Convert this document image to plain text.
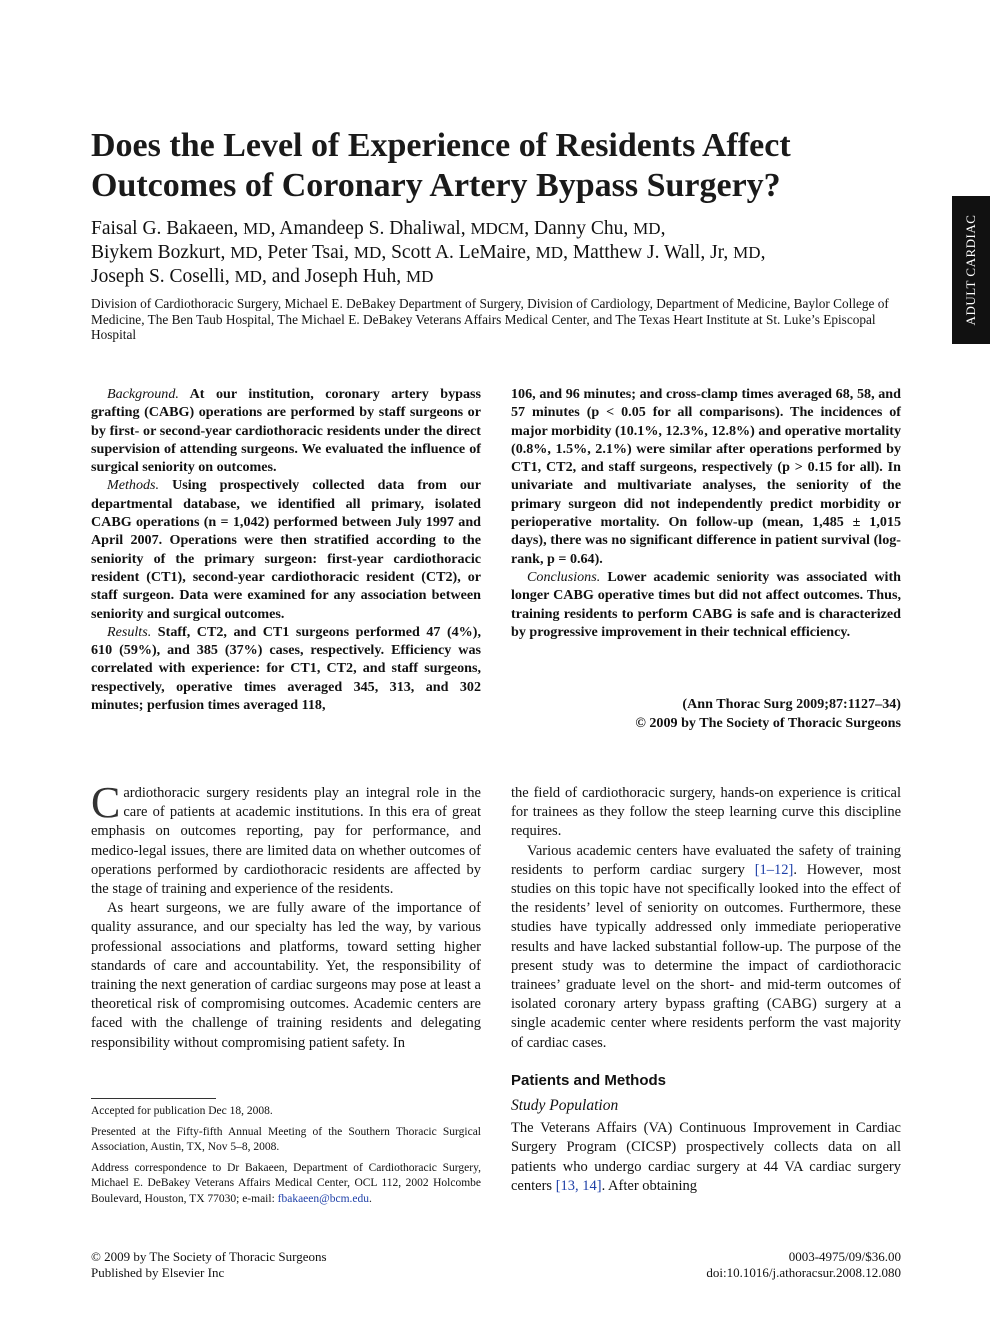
Does the Level of Experience of Residents Affect Outcomes of Coronary Artery Bypass Surgery?
Faisal G. Bakaeen, MD, Amandeep S. Dhaliwal, MDCM, Danny Chu, MD,
Biykem Bozkurt, MD, Peter Tsai, MD, Scott A. LeMaire, MD, Matthew J. Wall, Jr, MD,
Joseph S. Coselli, MD, and Joseph Huh, MD
Division of Cardiothoracic Surgery, Michael E. DeBakey Department of Surgery, Division of Cardiology, Department of Medicine, Baylor College of Medicine, The Ben Taub Hospital, The Michael E. DeBakey Veterans Affairs Medical Center, and The Texas Heart Institute at St. Luke’s Episcopal Hospital
ADULT CARDIAC

Background. At our institution, coronary artery bypass grafting (CABG) operations are performed by staff surgeons or by first- or second-year cardiothoracic residents under the direct supervision of attending surgeons. We evaluated the influence of surgical seniority on outcomes.

Methods. Using prospectively collected data from our departmental database, we identified all primary, isolated CABG operations (n = 1,042) performed between July 1997 and April 2007. Operations were then stratified according to the seniority of the primary surgeon: first-year cardiothoracic resident (CT1), second-year cardiothoracic resident (CT2), or staff surgeon. Data were examined for any association between seniority and surgical outcomes.

Results. Staff, CT2, and CT1 surgeons performed 47 (4%), 610 (59%), and 385 (37%) cases, respectively. Efficiency was correlated with experience: for CT1, CT2, and staff surgeons, respectively, operative times averaged 345, 313, and 302 minutes; perfusion times averaged 118,

106, and 96 minutes; and cross-clamp times averaged 68, 58, and 57 minutes (p < 0.05 for all comparisons). The incidences of major morbidity (10.1%, 12.3%, 12.8%) and operative mortality (0.8%, 1.5%, 2.1%) were similar after operations performed by CT1, CT2, and staff surgeons, respectively (p > 0.15 for all). In univariate and multivariate analyses, the seniority of the primary surgeon did not independently predict morbidity or perioperative mortality. On follow-up (mean, 1,485 ± 1,015 days), there was no significant difference in patient survival (log-rank, p = 0.64).

Conclusions. Lower academic seniority was associated with longer CABG operative times but did not affect outcomes. Thus, training residents to perform CABG is safe and is characterized by progressive improvement in their technical efficiency.

(Ann Thorac Surg 2009;87:1127–34)
© 2009 by The Society of Thoracic Surgeons

Cardiothoracic surgery residents play an integral role in the care of patients at academic institutions. In this era of great emphasis on outcomes reporting, pay for performance, and medico-legal issues, there are limited data on whether outcomes of operations performed by cardiothoracic residents are affected by the stage of training and experience of the residents.

As heart surgeons, we are fully aware of the importance of quality assurance, and our specialty has led the way, by various professional associations and platforms, toward setting higher standards of care and accountability. Yet, the responsibility of training the next generation of cardiac surgeons may pose at least a theoretical risk of compromising outcomes. Academic centers are faced with the challenge of training residents and delegating responsibility without compromising patient safety. In

the field of cardiothoracic surgery, hands-on experience is critical for trainees as they follow the steep learning curve this discipline requires.

Various academic centers have evaluated the safety of training residents to perform cardiac surgery [1–12]. However, most studies on this topic have not specifically looked into the effect of the residents’ level of seniority on outcomes. Furthermore, these studies have typically addressed only immediate perioperative results and have lacked substantial follow-up. The purpose of the present study was to determine the impact of cardiothoracic trainees’ graduate level on the short- and mid-term outcomes of isolated coronary artery bypass grafting (CABG) surgery at a single academic center where residents perform the vast majority of cardiac cases.

Patients and Methods

Study Population

The Veterans Affairs (VA) Continuous Improvement in Cardiac Surgery Program (CICSP) prospectively collects data on all patients who undergo cardiac surgery at 44 VA cardiac surgery centers [13, 14]. After obtaining

Accepted for publication Dec 18, 2008.

Presented at the Fifty-fifth Annual Meeting of the Southern Thoracic Surgical Association, Austin, TX, Nov 5–8, 2008.

Address correspondence to Dr Bakaeen, Department of Cardiothoracic Surgery, Michael E. DeBakey Veterans Affairs Medical Center, OCL 112, 2002 Holcombe Boulevard, Houston, TX 77030; e-mail: fbakaeen@bcm.edu.

© 2009 by The Society of Thoracic Surgeons
Published by Elsevier Inc
0003-4975/09/$36.00
doi:10.1016/j.athoracsur.2008.12.080
